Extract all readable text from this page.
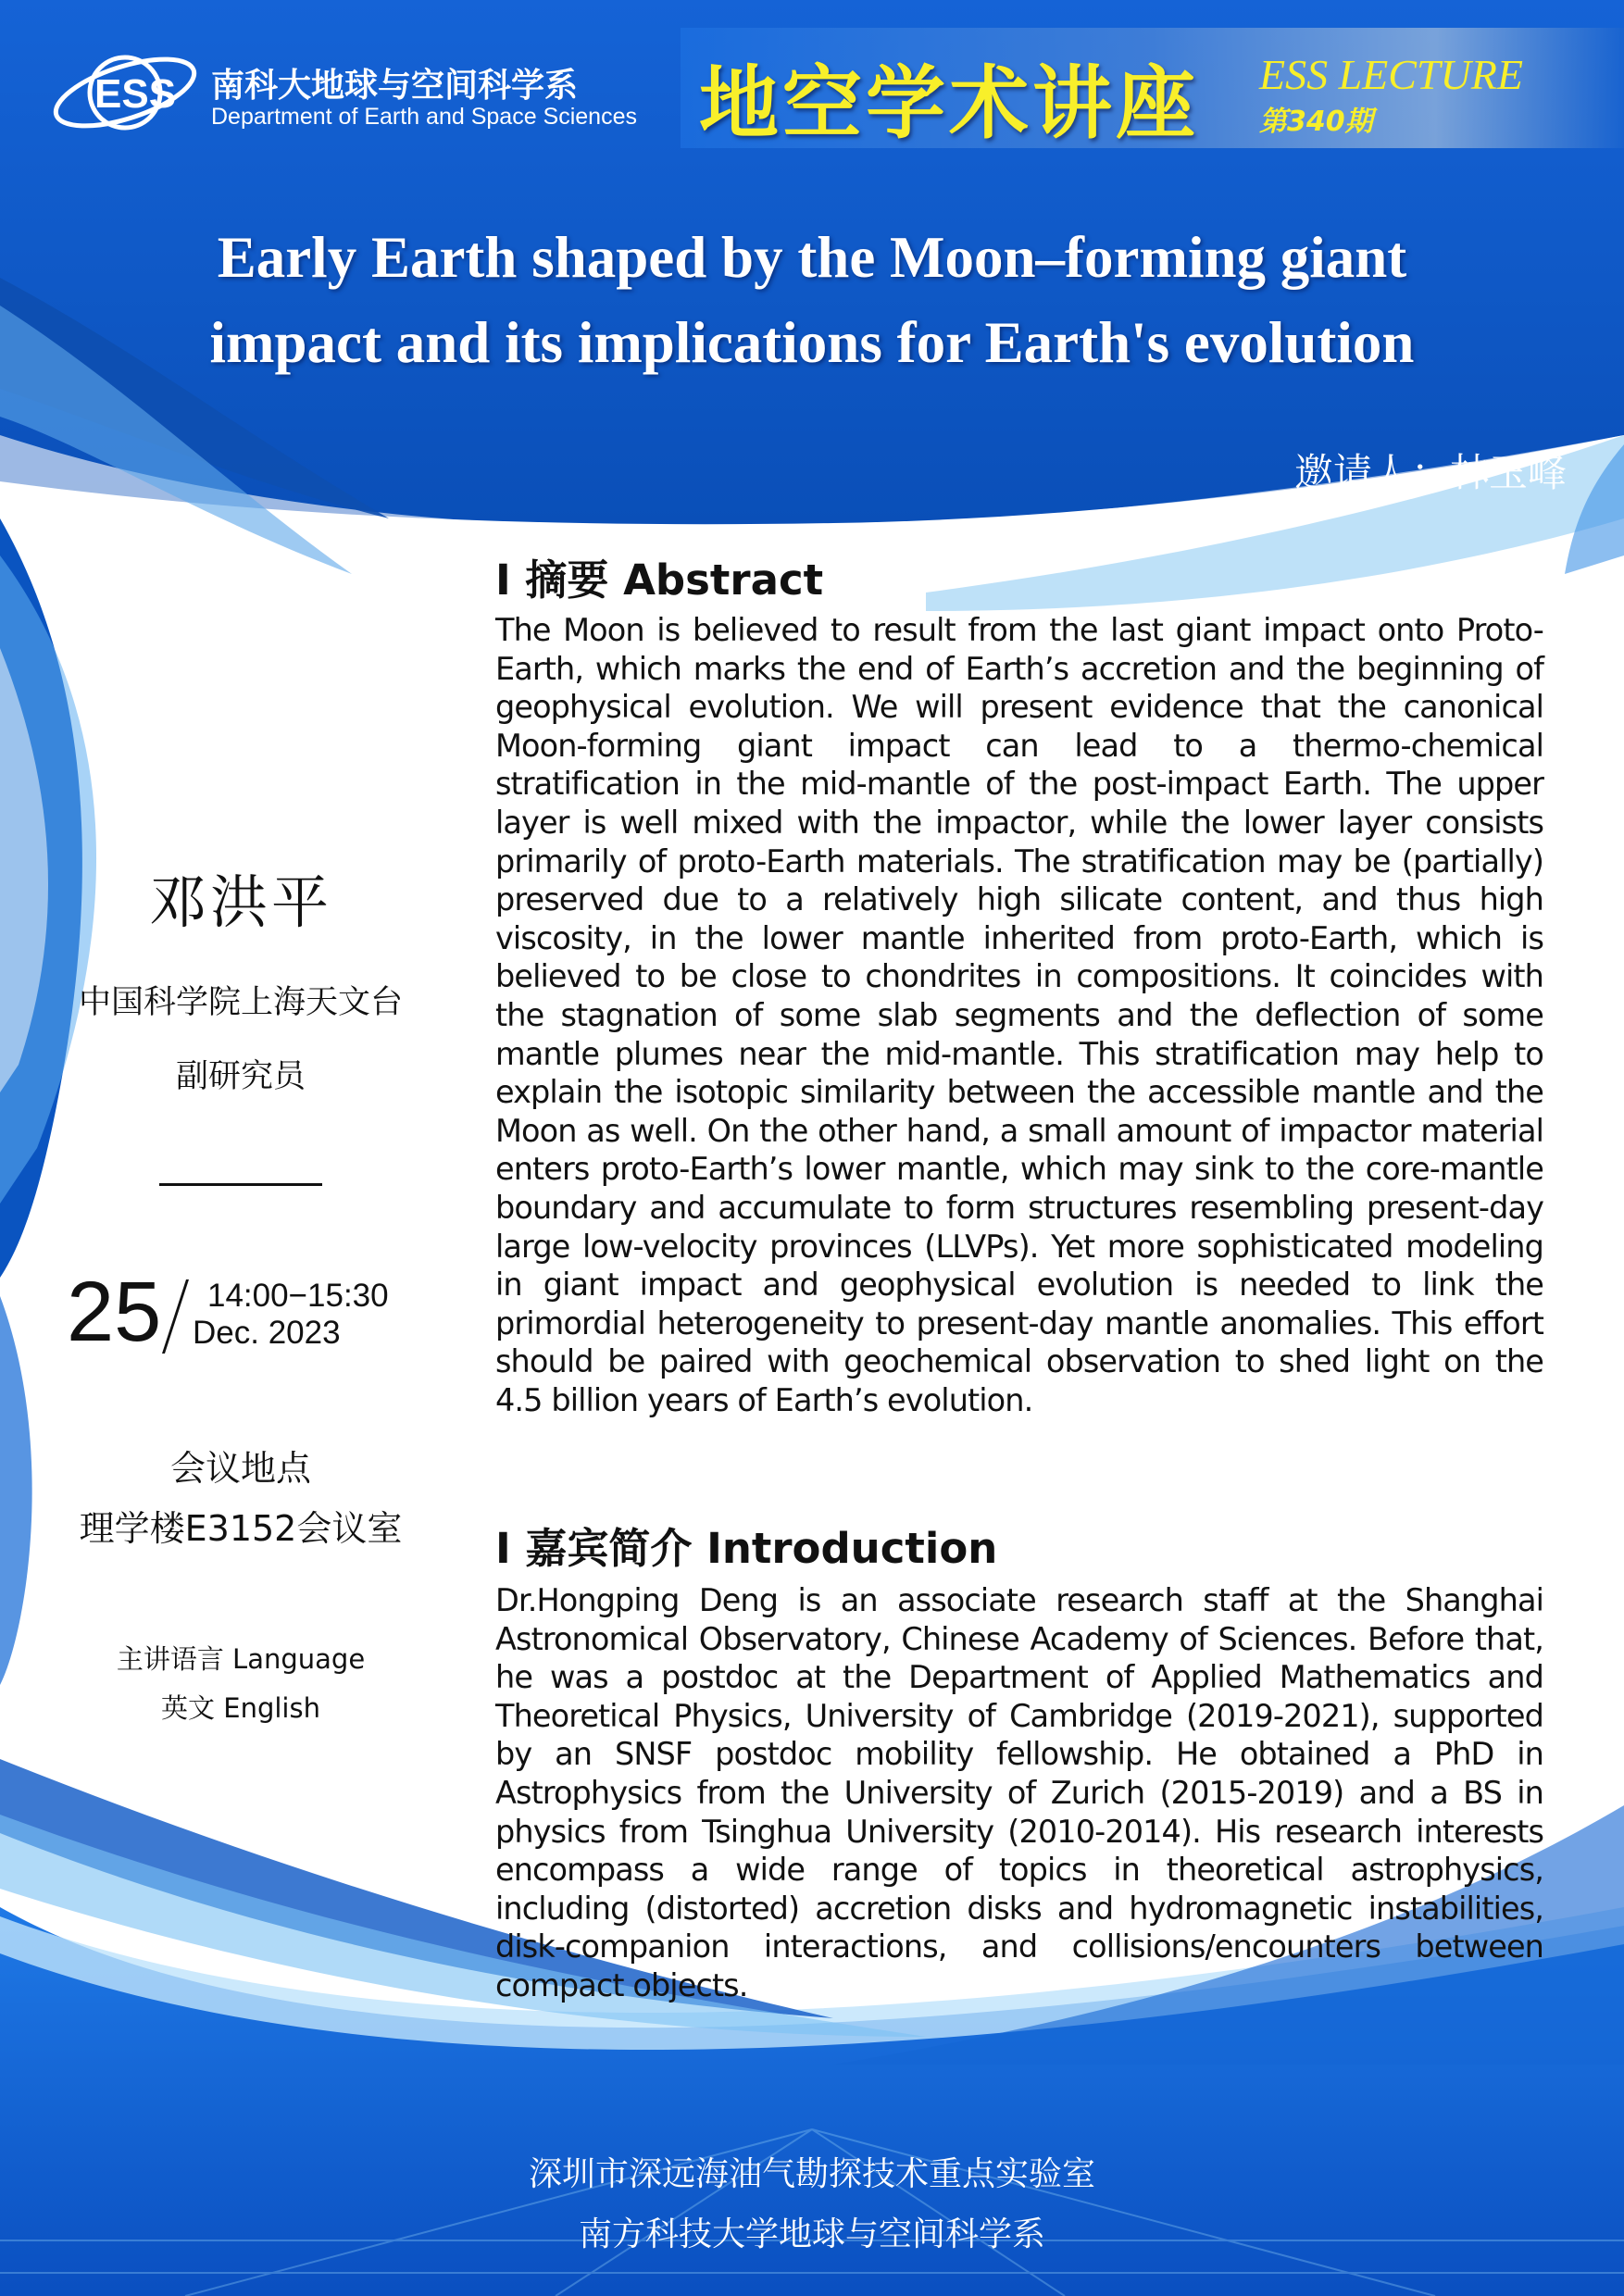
ESS 南科大地球与空间科学系
Department of Earth and Space Sciences 地空学术讲座 ESS LECTURE
第340期
Early Earth shaped by the Moon–forming giant
impact and its implications for Earth's evolution
邀请人：林玉峰
邓洪平
中国科学院上海天文台
副研究员
25 14:00−15:30
Dec. 2023
会议地点
理学楼E3152会议室
主讲语言 Language
英文 English
I 摘要 Abstract
The Moon is believed to result from the last giant impact onto Proto-Earth, which marks the end of Earth’s accretion and the beginning of geophysical evolution. We will present evidence that the canonical Moon-forming giant impact can lead to a thermo-chemical stratification in the mid-mantle of the post-impact Earth. The upper layer is well mixed with the impactor, while the lower layer consists primarily of proto-Earth materials. The stratification may be (partially) preserved due to a relatively high silicate content, and thus high viscosity, in the lower mantle inherited from proto-Earth, which is believed to be close to chondrites in compositions. It coincides with the stagnation of some slab segments and the deflection of some mantle plumes near the mid-mantle. This stratification may help to explain the isotopic similarity between the accessible mantle and the Moon as well. On the other hand, a small amount of impactor material enters proto-Earth’s lower mantle, which may sink to the core-mantle boundary and accumulate to form structures resembling present-day large low-velocity provinces (LLVPs). Yet more sophisticated modeling in giant impact and geophysical evolution is needed to link the primordial heterogeneity to present-day mantle anomalies. This effort should be paired with geochemical observation to shed light on the 4.5 billion years of Earth’s evolution.
I 嘉宾简介 Introduction
Dr.Hongping Deng is an associate research staff at the Shanghai Astronomical Observatory, Chinese Academy of Sciences. Before that, he was a postdoc at the Department of Applied Mathematics and Theoretical Physics, University of Cambridge (2019-2021), supported by an SNSF postdoc mobility fellowship. He obtained a PhD in Astrophysics from the University of Zurich (2015-2019) and a BS in physics from Tsinghua University (2010-2014). His research interests encompass a wide range of topics in theoretical astrophysics, including (distorted) accretion disks and hydromagnetic instabilities, disk-companion interactions, and collisions/encounters between compact objects.
深圳市深远海油气勘探技术重点实验室
南方科技大学地球与空间科学系
